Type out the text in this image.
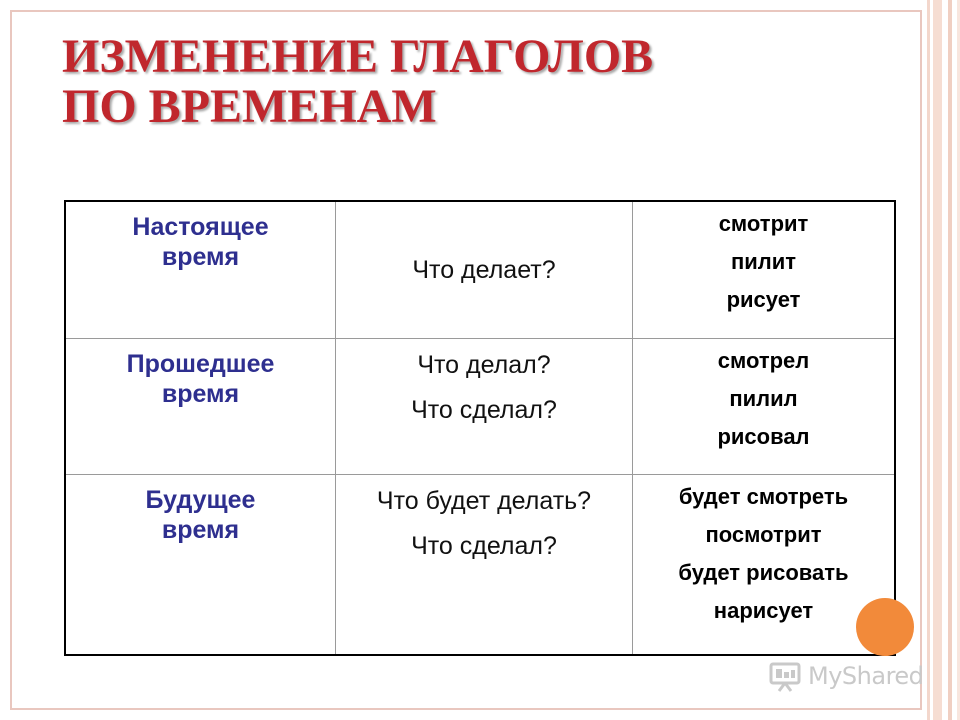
ИЗМЕНЕНИЕ ГЛАГОЛОВ
ПО ВРЕМЕНАМ
Настоящее
время	Что делает?
смотрит
пилит
рисует
Прошедшее
время
Что делал?
Что сделал?
смотрел
пилил
рисовал
Будущее
время
Что будет делать?
Что сделал?
будет смотреть
посмотрит
будет рисовать
нарисует
MyShared
